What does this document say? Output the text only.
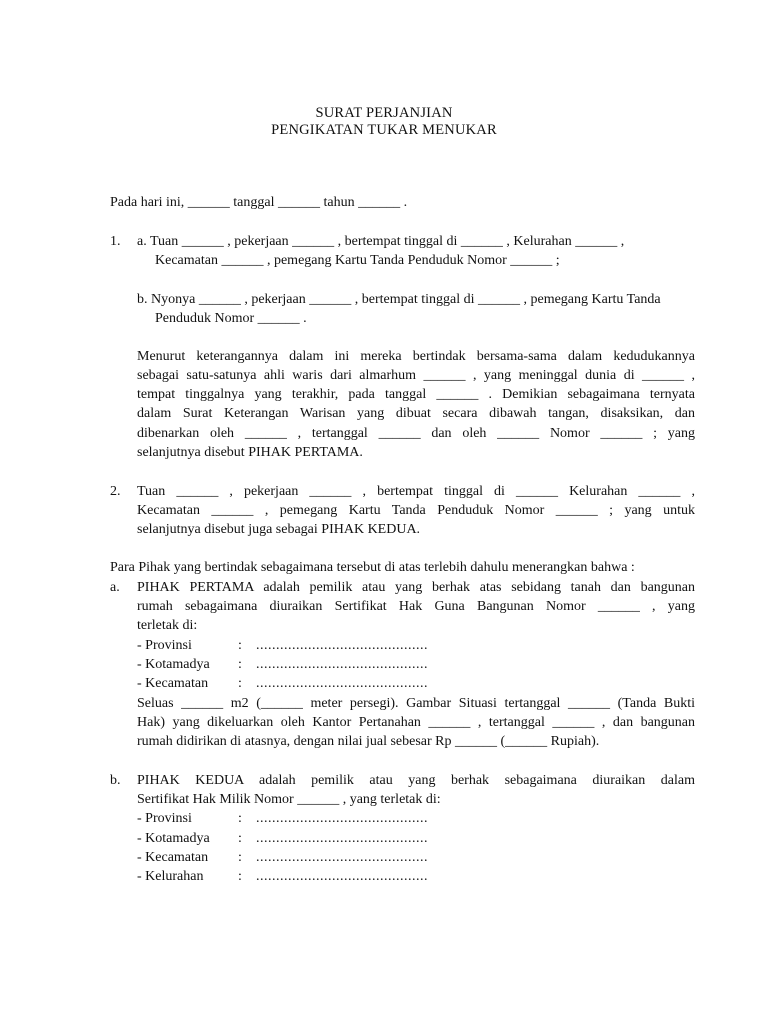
SURAT PERJANJIAN
PENGIKATAN TUKAR MENUKAR
Pada hari ini, ______ tanggal ______ tahun ______ .
1. a. Tuan ______ , pekerjaan ______ , bertempat tinggal di ______ , Kelurahan ______ ,
Kecamatan ______ , pemegang Kartu Tanda Penduduk Nomor ______ ;
b. Nyonya ______ , pekerjaan ______ , bertempat tinggal di ______ , pemegang Kartu Tanda
Penduduk Nomor ______ .
Menurut keterangannya dalam ini mereka bertindak bersama-sama dalam kedudukannya
sebagai satu-satunya ahli waris dari almarhum ______ , yang meninggal dunia di ______ ,
tempat tinggalnya yang terakhir, pada tanggal ______ . Demikian sebagaimana ternyata
dalam Surat Keterangan Warisan yang dibuat secara dibawah tangan, disaksikan, dan
dibenarkan oleh ______ , tertanggal ______ dan oleh ______ Nomor ______ ; yang
selanjutnya disebut PIHAK PERTAMA.
2. Tuan ______ , pekerjaan ______ , bertempat tinggal di ______ Kelurahan ______ ,
Kecamatan ______ , pemegang Kartu Tanda Penduduk Nomor ______ ; yang untuk
selanjutnya disebut juga sebagai PIHAK KEDUA.
Para Pihak yang bertindak sebagaimana tersebut di atas terlebih dahulu menerangkan bahwa :
a. PIHAK PERTAMA adalah pemilik atau yang berhak atas sebidang tanah dan bangunan
rumah sebagaimana diuraikan Sertifikat Hak Guna Bangunan Nomor ______ , yang
terletak di:
- Provinsi	: ...........................................
- Kotamadya : ...........................................
- Kecamatan : ...........................................
Seluas ______ m2 (______ meter persegi). Gambar Situasi tertanggal ______ (Tanda Bukti
Hak) yang dikeluarkan oleh Kantor Pertanahan ______ , tertanggal ______ , dan bangunan
rumah didirikan di atasnya, dengan nilai jual sebesar Rp ______ (______ Rupiah).
b. PIHAK KEDUA adalah pemilik atau yang berhak sebagaimana diuraikan dalam
Sertifikat Hak Milik Nomor ______ , yang terletak di:
- Provinsi	: ...........................................
- Kotamadya : ...........................................
- Kecamatan : ...........................................
- Kelurahan : ...........................................
